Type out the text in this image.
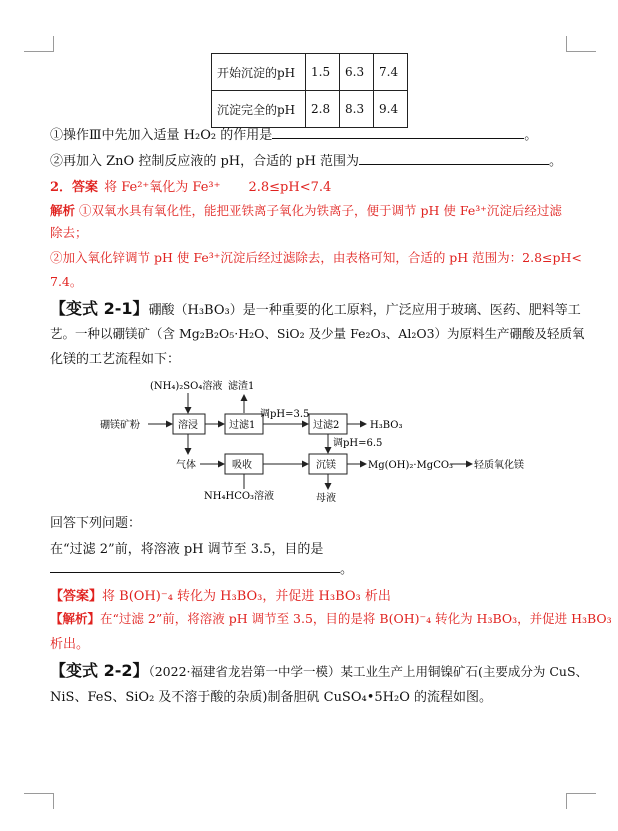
开始沉淀的pH	1.5	6.3	7.4
沉淀完全的pH	2.8	8.3	9.4
①操作Ⅲ中先加入适量 H₂O₂ 的作用是	。
②再加入 ZnO 控制反应液的 pH，合适的 pH 范围为	。
2．答案 将 Fe²⁺氧化为 Fe³⁺ 2.8≤pH<7.4
解析 ①双氧水具有氧化性，能把亚铁离子氧化为铁离子，便于调节 pH 使 Fe³⁺沉淀后经过滤
除去；
②加入氧化锌调节 pH 使 Fe³⁺沉淀后经过滤除去，由表格可知，合适的 pH 范围为：2.8≤pH<
7.4。
【变式 2-1】硼酸（H₃BO₃）是一种重要的化工原料，广泛应用于玻璃、医药、肥料等工
艺。一种以硼镁矿（含 Mg₂B₂O₅·H₂O、SiO₂ 及少量 Fe₂O₃、Al₂O3）为原料生产硼酸及轻质氧
化镁的工艺流程如下：
硼镁矿粉
(NH₄)₂SO₄溶液
溶浸	过滤1
滤渣1
调pH=3.5
过滤2	H₃BO₃
调pH=6.5
气体	吸收
NH₄HCO₃溶液
沉镁	Mg(OH)₂·MgCO₃ 轻质氧化镁
母液
回答下列问题：
在“过滤 2”前，将溶液 pH 调节至 3.5，目的是
。
【答案】将 B(OH)⁻₄ 转化为 H₃BO₃，并促进 H₃BO₃ 析出
【解析】在“过滤 2”前，将溶液 pH 调节至 3.5，目的是将 B(OH)⁻₄ 转化为 H₃BO₃，并促进 H₃BO₃
析出。
【变式 2-2】（2022·福建省龙岩第一中学一模）某工业生产上用铜镍矿石(主要成分为 CuS、
NiS、FeS、SiO₂ 及不溶于酸的杂质)制备胆矾 CuSO₄•5H₂O 的流程如图。
